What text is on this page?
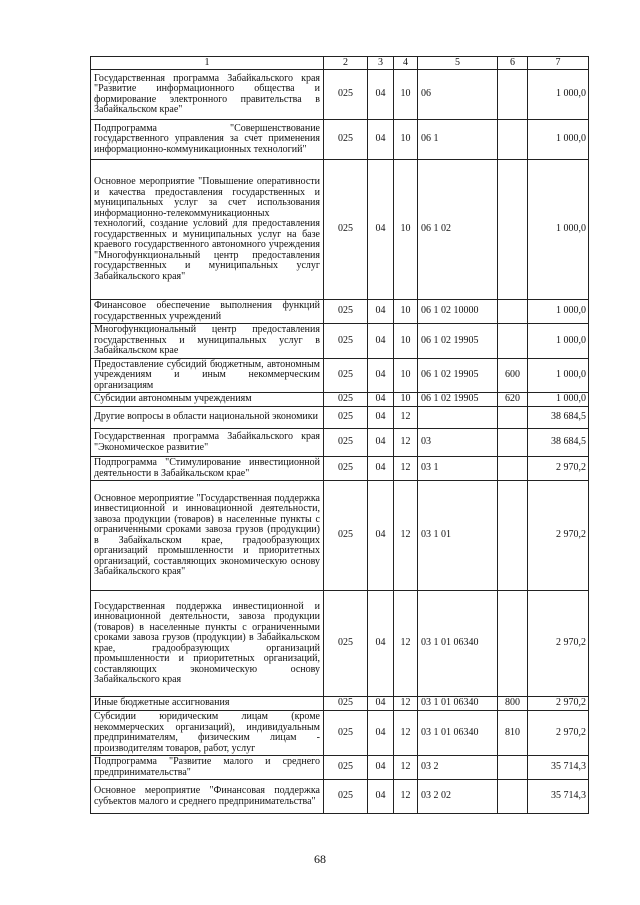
1	2	3	4	5	6	7
Государственная программа Забайкальского края "Развитие информационного общества и формирование электронного правительства в Забайкальском крае"	025	04	10	06		1 000,0
Подпрограмма "Совершенствование государственного управления за счет применения информационно-коммуникационных технологий"	025	04	10	06 1		1 000,0
Основное мероприятие "Повышение оперативности и качества предоставления государственных и муниципальных услуг за счет использования информационно-телекоммуникационных технологий, создание условий для предоставления государственных и муниципальных услуг на базе краевого государственного автономного учреждения "Многофункциональный центр предоставления государственных и муниципальных услуг Забайкальского края"	025	04	10	06 1 02		1 000,0
Финансовое обеспечение выполнения функций государственных учреждений	025	04	10	06 1 02 10000		1 000,0
Многофункциональный центр предоставления государственных и муниципальных услуг в Забайкальском крае	025	04	10	06 1 02 19905		1 000,0
Предоставление субсидий бюджетным, автономным учреждениям и иным некоммерческим организациям	025	04	10	06 1 02 19905	600	1 000,0
Субсидии автономным учреждениям	025	04	10	06 1 02 19905	620	1 000,0
Другие вопросы в области национальной экономики	025	04	12			38 684,5
Государственная программа Забайкальского края "Экономическое развитие"	025	04	12	03		38 684,5
Подпрограмма "Стимулирование инвестиционной деятельности в Забайкальском крае"	025	04	12	03 1		2 970,2
Основное мероприятие "Государственная поддержка инвестиционной и инновационной деятельности, завоза продукции (товаров) в населенные пункты с ограниченными сроками завоза грузов (продукции) в Забайкальском крае, градообразующих организаций промышленности и приоритетных организаций, составляющих экономическую основу Забайкальского края"	025	04	12	03 1 01		2 970,2
Государственная поддержка инвестиционной и инновационной деятельности, завоза продукции (товаров) в населенные пункты с ограниченными сроками завоза грузов (продукции) в Забайкальском крае, градообразующих организаций промышленности и приоритетных организаций, составляющих экономическую основу Забайкальского края	025	04	12	03 1 01 06340		2 970,2
Иные бюджетные ассигнования	025	04	12	03 1 01 06340	800	2 970,2
Субсидии юридическим лицам (кроме некоммерческих организаций), индивидуальным предпринимателям, физическим лицам - производителям товаров, работ, услуг	025	04	12	03 1 01 06340	810	2 970,2
Подпрограмма "Развитие малого и среднего предпринимательства"	025	04	12	03 2		35 714,3
Основное мероприятие "Финансовая поддержка субъектов малого и среднего предпринимательства"	025	04	12	03 2 02		35 714,3
68
